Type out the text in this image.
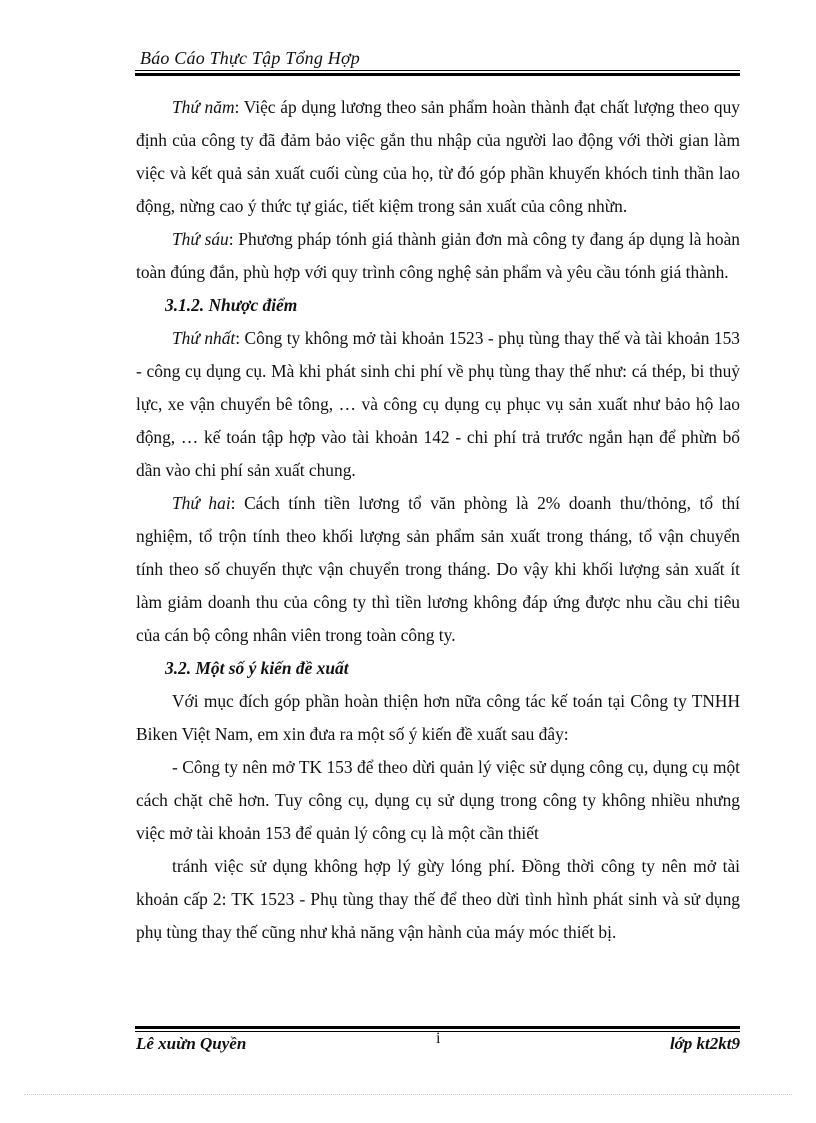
Báo Cáo Thực Tập Tổng Hợp

Thứ năm: Việc áp dụng lương theo sản phẩm hoàn thành đạt chất lượng theo quy định của công ty đã đảm bảo việc gắn thu nhập của người lao động với thời gian làm việc và kết quả sản xuất cuối cùng của họ, từ đó góp phần khuyến khóch tinh thần lao động, nừng cao ý thức tự giác, tiết kiệm trong sản xuất của công nhừn.

Thứ sáu: Phương pháp tónh giá thành giản đơn mà công ty đang áp dụng là hoàn toàn đúng đắn, phù hợp với quy trình công nghệ sản phẩm và yêu cầu tónh giá thành.

3.1.2. Nhược điểm

Thứ nhất: Công ty không mở tài khoản 1523 - phụ tùng thay thế và tài khoản 153 - công cụ dụng cụ. Mà khi phát sinh chi phí về phụ tùng thay thế như: cá thép, bi thuỷ lực, xe vận chuyển bê tông, … và công cụ dụng cụ phục vụ sản xuất như bảo hộ lao động, … kế toán tập hợp vào tài khoản 142 - chi phí trả trước ngắn hạn để phừn bổ dần vào chi phí sản xuất chung.

Thứ hai: Cách tính tiền lương tổ văn phòng là 2% doanh thu/thỏng, tổ thí nghiệm, tổ trộn tính theo khối lượng sản phẩm sản xuất trong tháng, tổ vận chuyển tính theo số chuyến thực vận chuyển trong tháng. Do vậy khi khối lượng sản xuất ít làm giảm doanh thu của công ty thì tiền lương không đáp ứng được nhu cầu chi tiêu của cán bộ công nhân viên trong toàn công ty.

3.2. Một số ý kiến đề xuất

Với mục đích góp phần hoàn thiện hơn nữa công tác kế toán tại Công ty TNHH Biken Việt Nam, em xin đưa ra một số ý kiến đề xuất sau đây:

- Công ty nên mở TK 153 để theo dừi quản lý việc sử dụng công cụ, dụng cụ một cách chặt chẽ hơn. Tuy công cụ, dụng cụ sử dụng trong công ty không nhiều nhưng việc mở tài khoản 153 để quản lý công cụ là một cần thiết

tránh việc sử dụng không hợp lý gừy lóng phí. Đồng thời công ty nên mở tài khoản cấp 2: TK 1523 - Phụ tùng thay thế để theo dừi tình hình phát sinh và sử dụng phụ tùng thay thế cũng như khả năng vận hành của máy móc thiết bị.

Lê xuừn Quyền	i	lớp kt2kt9
